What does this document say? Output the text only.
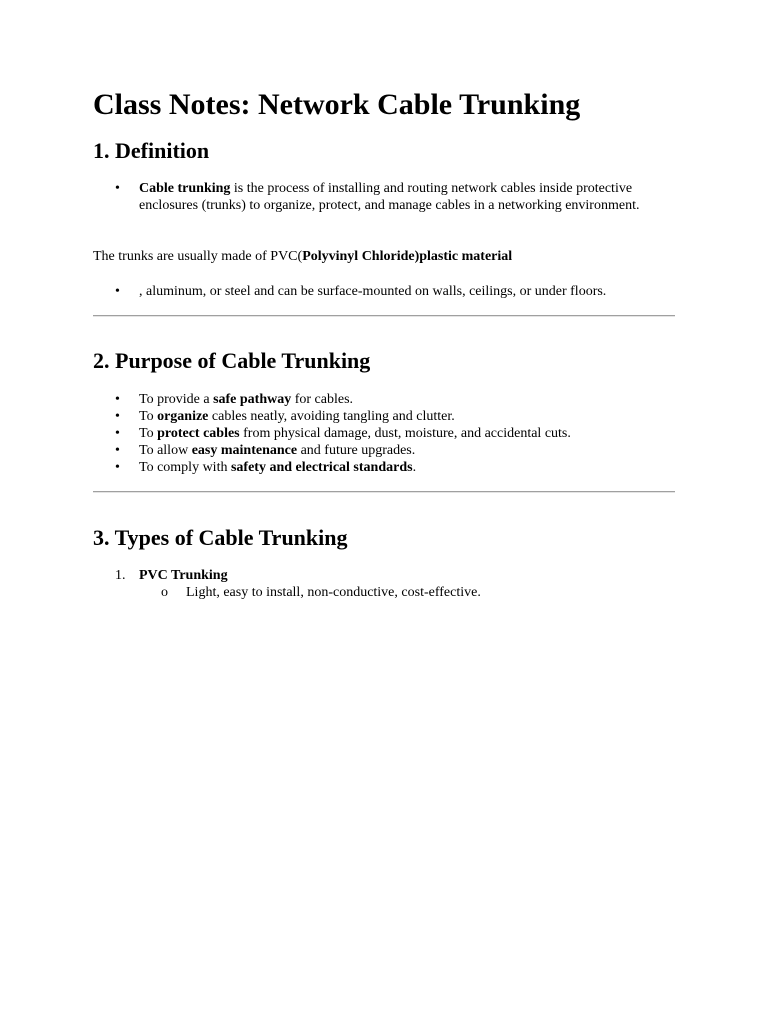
Class Notes: Network Cable Trunking
1. Definition
• Cable trunking is the process of installing and routing network cables inside protective enclosures (trunks) to organize, protect, and manage cables in a networking environment.

The trunks are usually made of PVC(Polyvinyl Chloride)plastic material

• , aluminum, or steel and can be surface-mounted on walls, ceilings, or under floors.
2. Purpose of Cable Trunking
• To provide a safe pathway for cables.
• To organize cables neatly, avoiding tangling and clutter.
• To protect cables from physical damage, dust, moisture, and accidental cuts.
• To allow easy maintenance and future upgrades.
• To comply with safety and electrical standards.
3. Types of Cable Trunking
1. PVC Trunking
o Light, easy to install, non-conductive, cost-effective.
